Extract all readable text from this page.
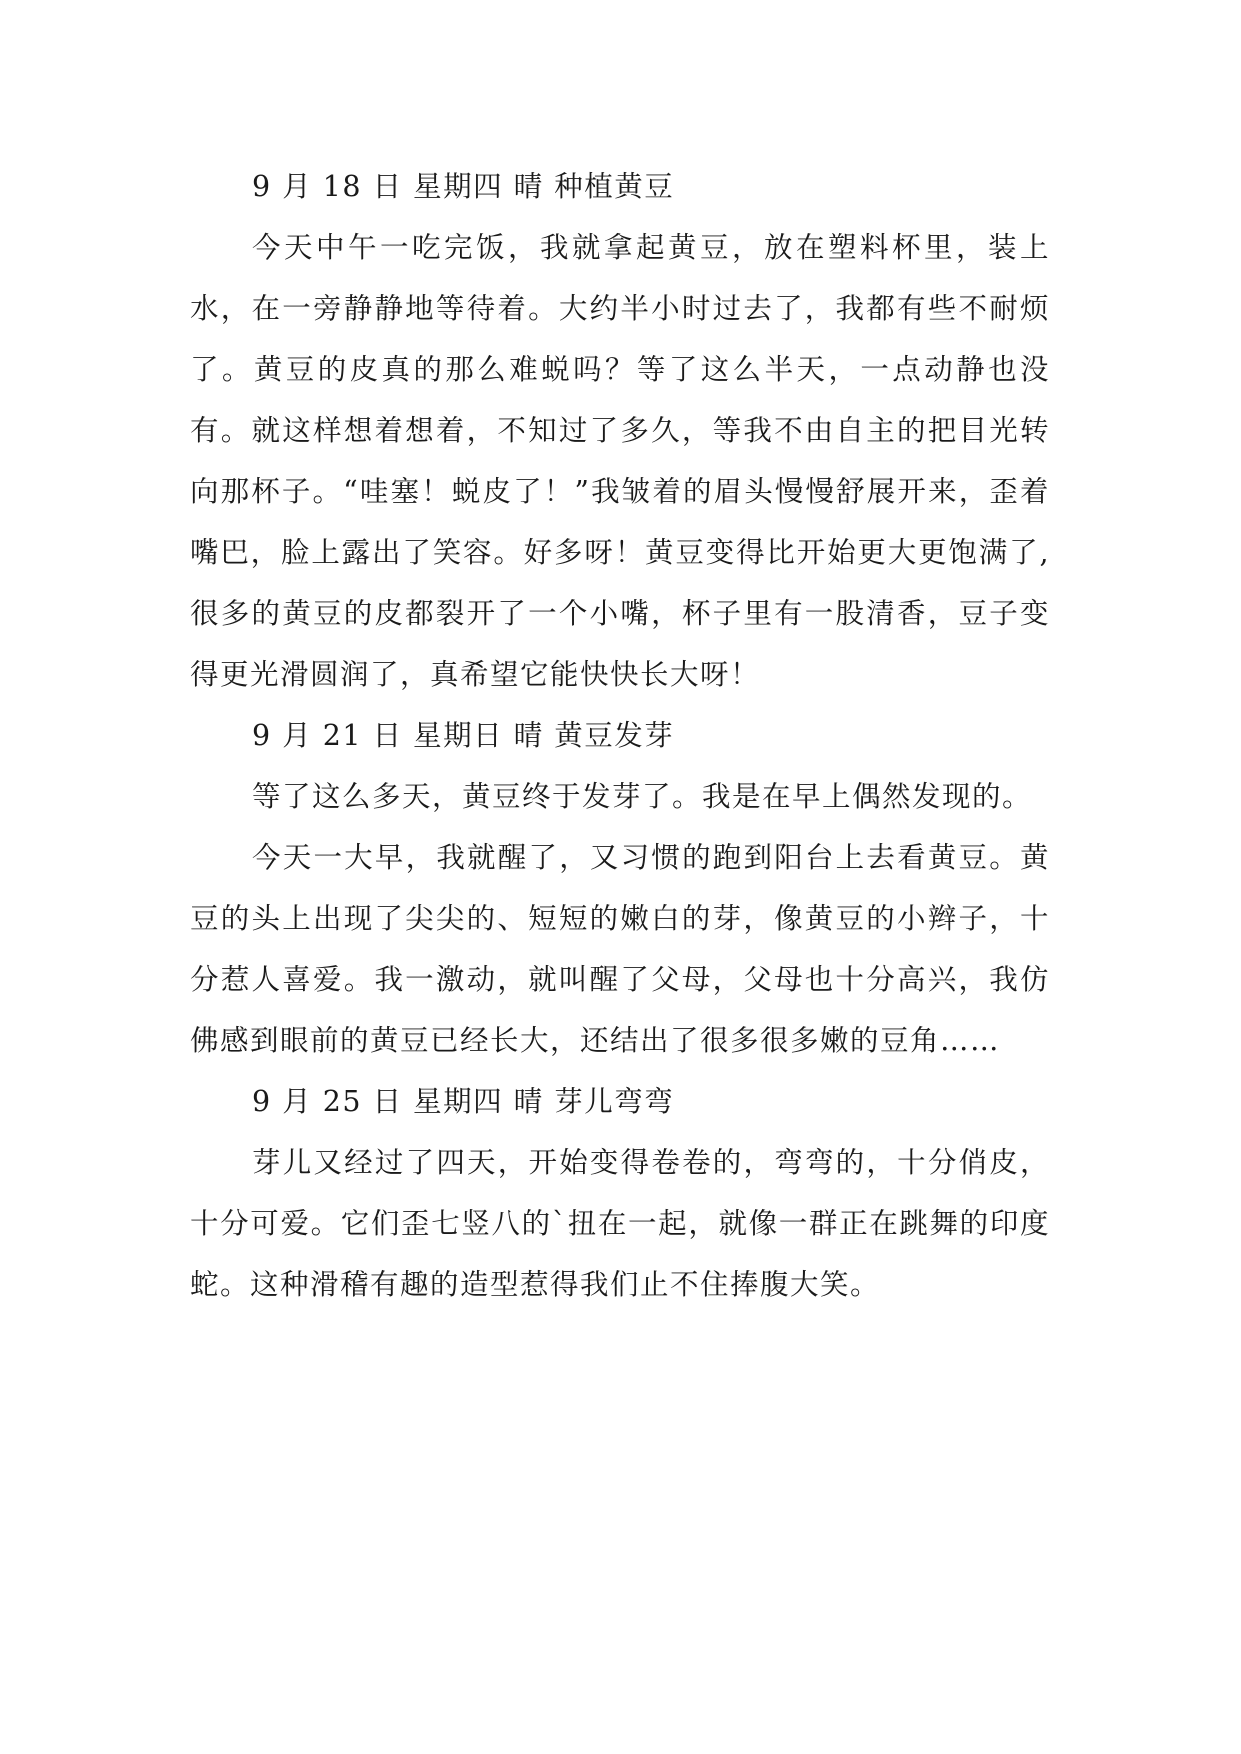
9 月 18 日 星期四 晴 种植黄豆

今天中午一吃完饭，我就拿起黄豆，放在塑料杯里，装上水，在一旁静静地等待着。大约半小时过去了，我都有些不耐烦了。黄豆的皮真的那么难蜕吗？等了这么半天，一点动静也没有。就这样想着想着，不知过了多久，等我不由自主的把目光转向那杯子。“哇塞！蜕皮了！”我皱着的眉头慢慢舒展开来，歪着嘴巴，脸上露出了笑容。好多呀！黄豆变得比开始更大更饱满了,很多的黄豆的皮都裂开了一个小嘴，杯子里有一股清香，豆子变得更光滑圆润了，真希望它能快快长大呀！

9 月 21 日 星期日 晴 黄豆发芽

等了这么多天，黄豆终于发芽了。我是在早上偶然发现的。

今天一大早，我就醒了，又习惯的跑到阳台上去看黄豆。黄豆的头上出现了尖尖的、短短的嫩白的芽，像黄豆的小辫子，十分惹人喜爱。我一激动，就叫醒了父母，父母也十分高兴，我仿佛感到眼前的黄豆已经长大，还结出了很多很多嫩的豆角……

9 月 25 日 星期四 晴 芽儿弯弯

芽儿又经过了四天，开始变得卷卷的，弯弯的，十分俏皮，十分可爱。它们歪七竖八的`扭在一起，就像一群正在跳舞的印度蛇。这种滑稽有趣的造型惹得我们止不住捧腹大笑。
